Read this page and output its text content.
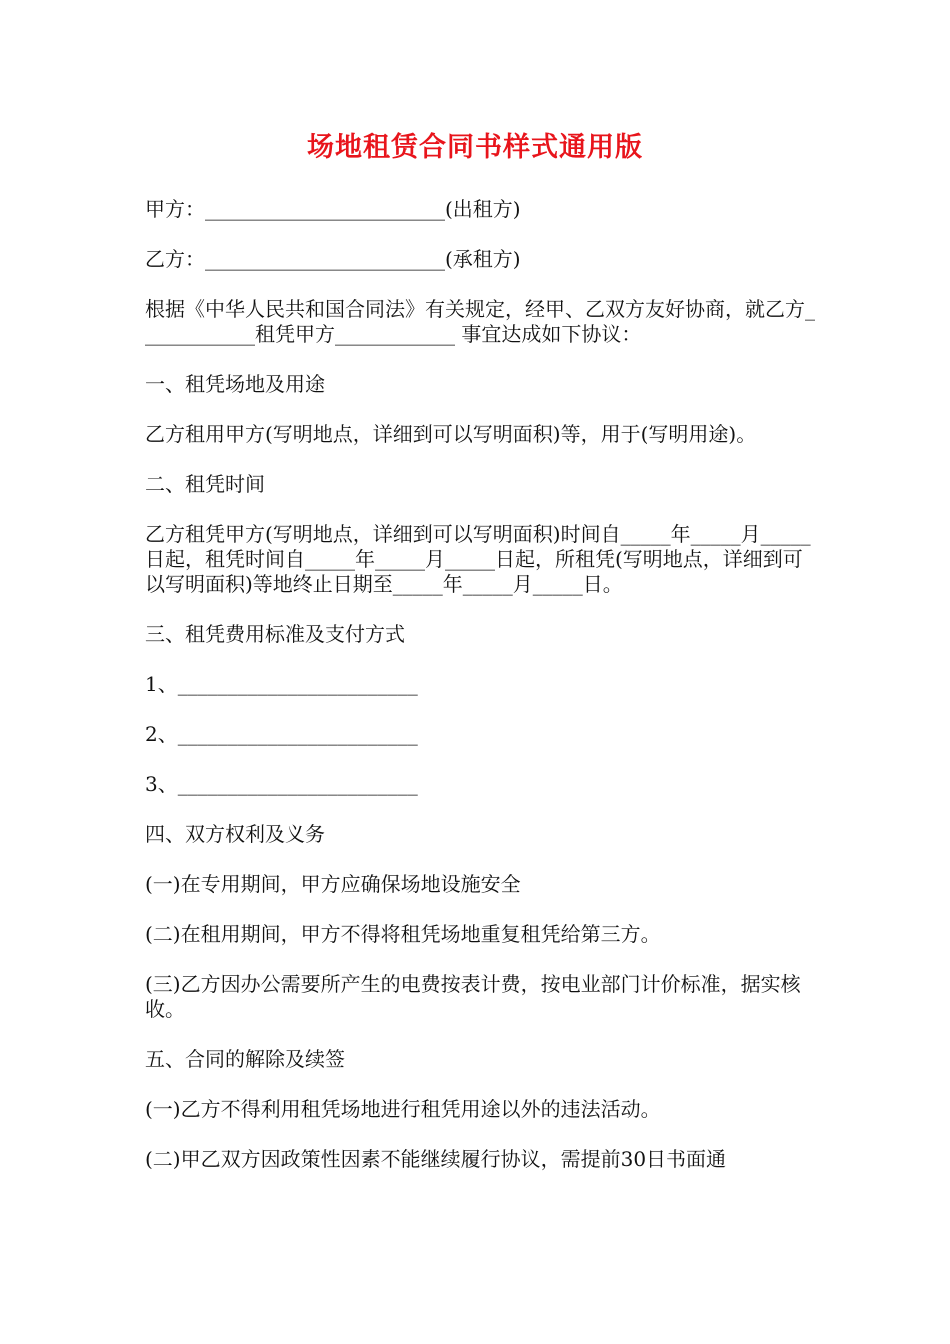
场地租赁合同书样式通用版

甲方：________________________(出租方)

乙方：________________________(承租方)

根据《中华人民共和国合同法》有关规定，经甲、乙双方友好协商，就乙方____________租凭甲方____________ 事宜达成如下协议：

一、租凭场地及用途

乙方租用甲方(写明地点，详细到可以写明面积)等，用于(写明用途)。

二、租凭时间

乙方租凭甲方(写明地点，详细到可以写明面积)时间自_____年_____月_____日起，租凭时间自_____年_____月_____日起，所租凭(写明地点，详细到可以写明面积)等地终止日期至_____年_____月_____日。

三、租凭费用标准及支付方式

1、________________________

2、________________________

3、________________________

四、双方权利及义务

(一)在专用期间，甲方应确保场地设施安全

(二)在租用期间，甲方不得将租凭场地重复租凭给第三方。

(三)乙方因办公需要所产生的电费按表计费，按电业部门计价标准，据实核收。

五、合同的解除及续签

(一)乙方不得利用租凭场地进行租凭用途以外的违法活动。

(二)甲乙双方因政策性因素不能继续履行协议，需提前30日书面通
